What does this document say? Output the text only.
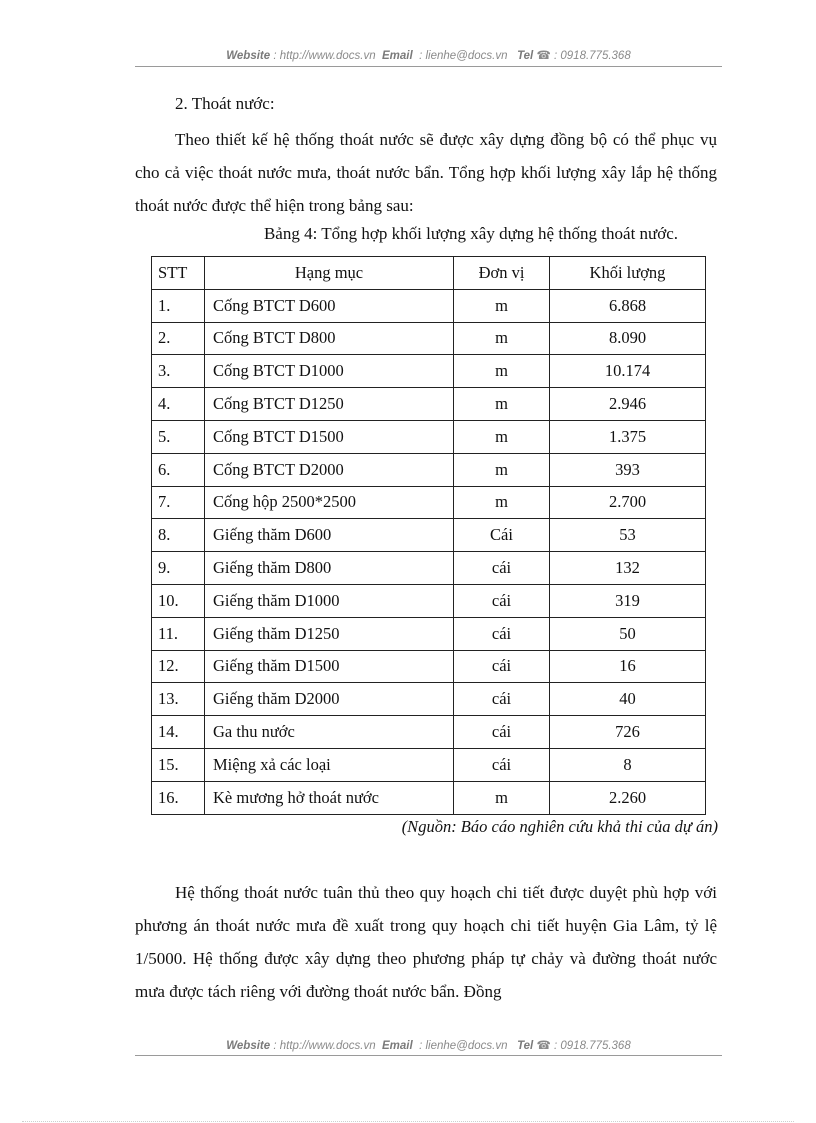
Website : http://www.docs.vn Email : lienhe@docs.vn Tel ☎ : 0918.775.368
2. Thoát nước:

Theo thiết kế hệ thống thoát nước sẽ được xây dựng đồng bộ có thể phục vụ cho cả việc thoát nước mưa, thoát nước bẩn. Tổng hợp khối lượng xây lắp hệ thống thoát nước được thể hiện trong bảng sau:

Bảng 4: Tổng hợp khối lượng xây dựng hệ thống thoát nước.
STT	Hạng mục	Đơn vị	Khối lượng
1.	Cống BTCT D600	m	6.868
2.	Cống BTCT D800	m	8.090
3.	Cống BTCT D1000	m	10.174
4.	Cống BTCT D1250	m	2.946
5.	Cống BTCT D1500	m	1.375
6.	Cống BTCT D2000	m	393
7.	Cống hộp 2500*2500	m	2.700
8.	Giếng thăm D600	Cái	53
9.	Giếng thăm D800	cái	132
10.	Giếng thăm D1000	cái	319
11.	Giếng thăm D1250	cái	50
12.	Giếng thăm D1500	cái	16
13.	Giếng thăm D2000	cái	40
14.	Ga thu nước	cái	726
15.	Miệng xả các loại	cái	8
16.	Kè mương hở thoát nước	m	2.260
(Nguồn: Báo cáo nghiên cứu khả thi của dự án)

Hệ thống thoát nước tuân thủ theo quy hoạch chi tiết được duyệt phù hợp với phương án thoát nước mưa đề xuất trong quy hoạch chi tiết huyện Gia Lâm, tỷ lệ 1/5000. Hệ thống được xây dựng theo phương pháp tự chảy và đường thoát nước mưa được tách riêng với đường thoát nước bẩn. Đồng

Website : http://www.docs.vn Email : lienhe@docs.vn Tel ☎ : 0918.775.368
